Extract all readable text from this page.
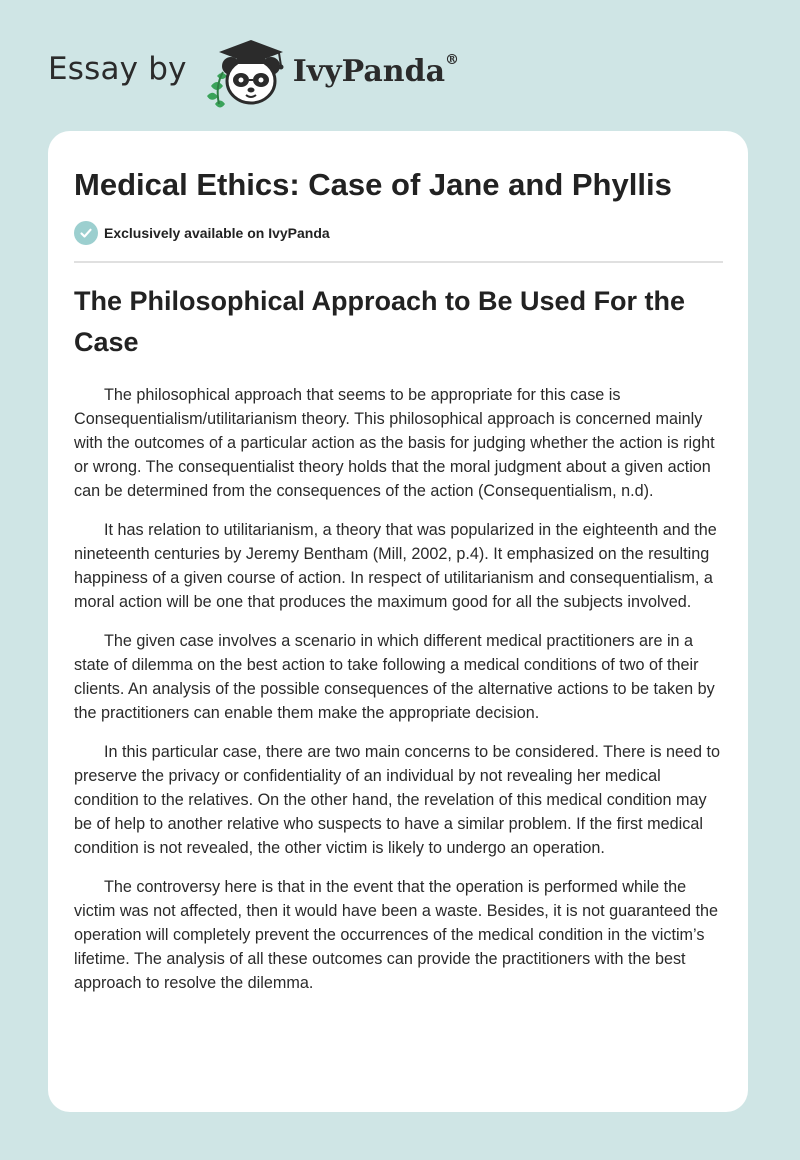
Essay by	IvyPanda®
Medical Ethics: Case of Jane and Phyllis
Exclusively available on IvyPanda
The Philosophical Approach to Be Used For the Case

The philosophical approach that seems to be appropriate for this case is Consequentialism/utilitarianism theory. This philosophical approach is concerned mainly with the outcomes of a particular action as the basis for judging whether the action is right or wrong. The consequentialist theory holds that the moral judgment about a given action can be determined from the consequences of the action (Consequentialism, n.d).

It has relation to utilitarianism, a theory that was popularized in the eighteenth and the nineteenth centuries by Jeremy Bentham (Mill, 2002, p.4). It emphasized on the resulting happiness of a given course of action. In respect of utilitarianism and consequentialism, a moral action will be one that produces the maximum good for all the subjects involved.

The given case involves a scenario in which different medical practitioners are in a state of dilemma on the best action to take following a medical conditions of two of their clients. An analysis of the possible consequences of the alternative actions to be taken by the practitioners can enable them make the appropriate decision.

In this particular case, there are two main concerns to be considered. There is need to preserve the privacy or confidentiality of an individual by not revealing her medical condition to the relatives. On the other hand, the revelation of this medical condition may be of help to another relative who suspects to have a similar problem. If the first medical condition is not revealed, the other victim is likely to undergo an operation.

The controversy here is that in the event that the operation is performed while the victim was not affected, then it would have been a waste. Besides, it is not guaranteed the operation will completely prevent the occurrences of the medical condition in the victim’s lifetime. The analysis of all these outcomes can provide the practitioners with the best approach to resolve the dilemma.
